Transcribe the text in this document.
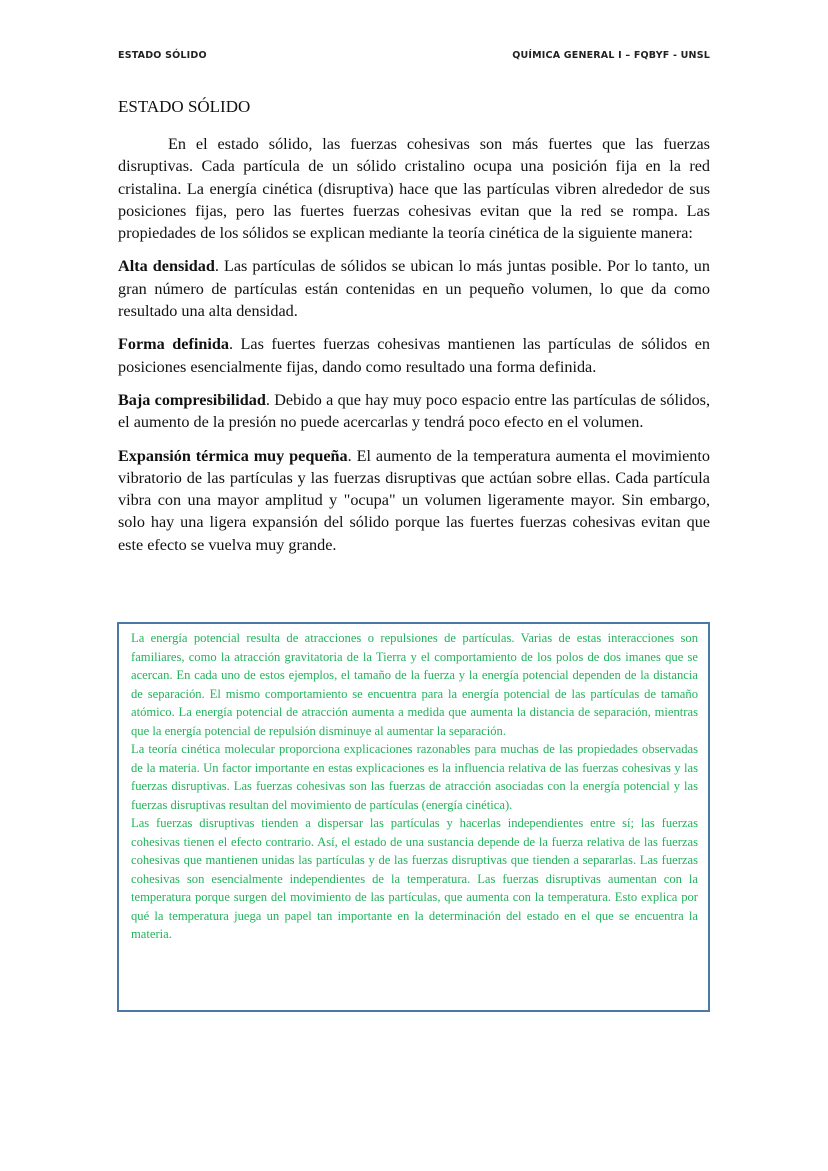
ESTADO SÓLIDO	QUÍMICA GENERAL I – FQBYF - UNSL
ESTADO SÓLIDO

En el estado sólido, las fuerzas cohesivas son más fuertes que las fuerzas disruptivas. Cada partícula de un sólido cristalino ocupa una posición fija en la red cristalina. La energía cinética (disruptiva) hace que las partículas vibren alrededor de sus posiciones fijas, pero las fuertes fuerzas cohesivas evitan que la red se rompa. Las propiedades de los sólidos se explican mediante la teoría cinética de la siguiente manera:

Alta densidad. Las partículas de sólidos se ubican lo más juntas posible. Por lo tanto, un gran número de partículas están contenidas en un pequeño volumen, lo que da como resultado una alta densidad.

Forma definida. Las fuertes fuerzas cohesivas mantienen las partículas de sólidos en posiciones esencialmente fijas, dando como resultado una forma definida.

Baja compresibilidad. Debido a que hay muy poco espacio entre las partículas de sólidos, el aumento de la presión no puede acercarlas y tendrá poco efecto en el volumen.

Expansión térmica muy pequeña. El aumento de la temperatura aumenta el movimiento vibratorio de las partículas y las fuerzas disruptivas que actúan sobre ellas. Cada partícula vibra con una mayor amplitud y "ocupa" un volumen ligeramente mayor. Sin embargo, solo hay una ligera expansión del sólido porque las fuertes fuerzas cohesivas evitan que este efecto se vuelva muy grande.

La energía potencial resulta de atracciones o repulsiones de partículas. Varias de estas interacciones son familiares, como la atracción gravitatoria de la Tierra y el comportamiento de los polos de dos imanes que se acercan. En cada uno de estos ejemplos, el tamaño de la fuerza y la energía potencial dependen de la distancia de separación. El mismo comportamiento se encuentra para la energía potencial de las partículas de tamaño atómico. La energía potencial de atracción aumenta a medida que aumenta la distancia de separación, mientras que la energía potencial de repulsión disminuye al aumentar la separación.

La teoría cinética molecular proporciona explicaciones razonables para muchas de las propiedades observadas de la materia. Un factor importante en estas explicaciones es la influencia relativa de las fuerzas cohesivas y las fuerzas disruptivas. Las fuerzas cohesivas son las fuerzas de atracción asociadas con la energía potencial y las fuerzas disruptivas resultan del movimiento de partículas (energía cinética).

Las fuerzas disruptivas tienden a dispersar las partículas y hacerlas independientes entre sí; las fuerzas cohesivas tienen el efecto contrario. Así, el estado de una sustancia depende de la fuerza relativa de las fuerzas cohesivas que mantienen unidas las partículas y de las fuerzas disruptivas que tienden a separarlas. Las fuerzas cohesivas son esencialmente independientes de la temperatura. Las fuerzas disruptivas aumentan con la temperatura porque surgen del movimiento de las partículas, que aumenta con la temperatura. Esto explica por qué la temperatura juega un papel tan importante en la determinación del estado en el que se encuentra la materia.
